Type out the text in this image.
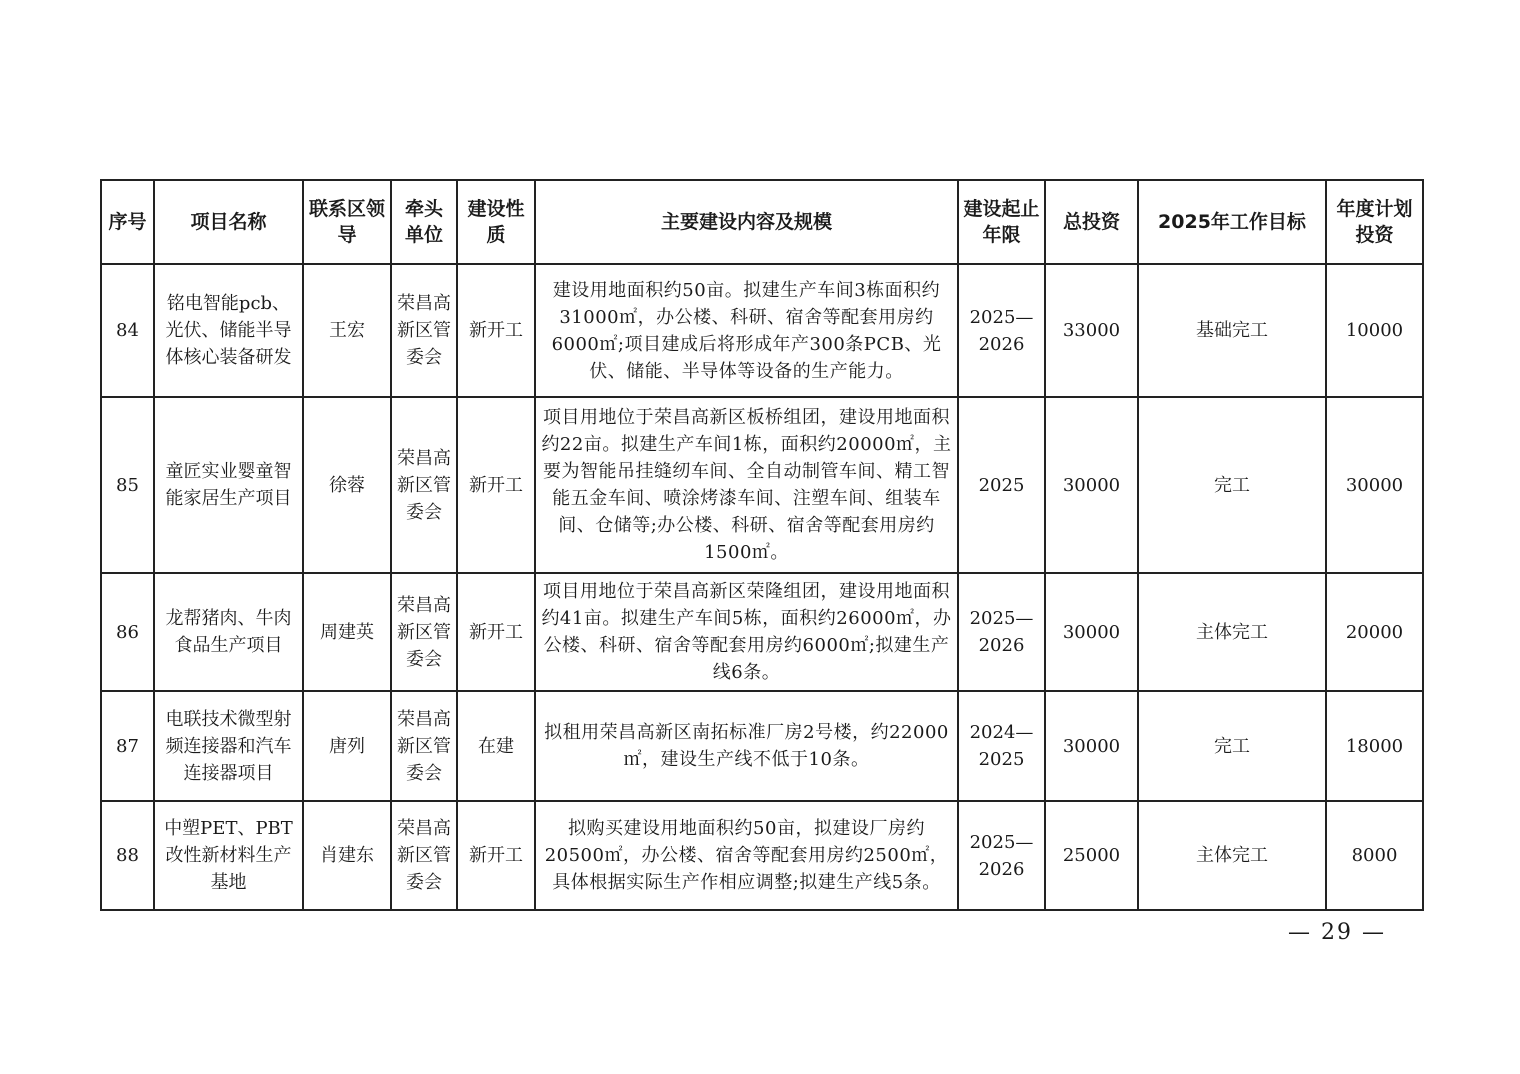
序号	项目名称	联系区领导	牵头单位	建设性质	主要建设内容及规模	建设起止年限	总投资	2025年工作目标	年度计划投资
84	铭电智能pcb、光伏、储能半导体核心装备研发	王宏	荣昌高新区管委会	新开工	建设用地面积约50亩。拟建生产车间3栋面积约31000㎡，办公楼、科研、宿舍等配套用房约6000㎡;项目建成后将形成年产300条PCB、光伏、储能、半导体等设备的生产能力。	2025—2026	33000	基础完工	10000
85	童匠实业婴童智能家居生产项目	徐蓉	荣昌高新区管委会	新开工	项目用地位于荣昌高新区板桥组团，建设用地面积约22亩。拟建生产车间1栋，面积约20000㎡，主要为智能吊挂缝纫车间、全自动制管车间、精工智能五金车间、喷涂烤漆车间、注塑车间、组装车间、仓储等;办公楼、科研、宿舍等配套用房约1500㎡。	2025	30000	完工	30000
86	龙帮猪肉、牛肉食品生产项目	周建英	荣昌高新区管委会	新开工	项目用地位于荣昌高新区荣隆组团，建设用地面积约41亩。拟建生产车间5栋，面积约26000㎡，办公楼、科研、宿舍等配套用房约6000㎡;拟建生产线6条。	2025—2026	30000	主体完工	20000
87	电联技术微型射频连接器和汽车连接器项目	唐列	荣昌高新区管委会	在建	拟租用荣昌高新区南拓标准厂房2号楼，约22000㎡，建设生产线不低于10条。	2024—2025	30000	完工	18000
88	中塑PET、PBT改性新材料生产基地	肖建东	荣昌高新区管委会	新开工	拟购买建设用地面积约50亩，拟建设厂房约20500㎡，办公楼、宿舍等配套用房约2500㎡，具体根据实际生产作相应调整;拟建生产线5条。	2025—2026	25000	主体完工	8000
— 29 —
